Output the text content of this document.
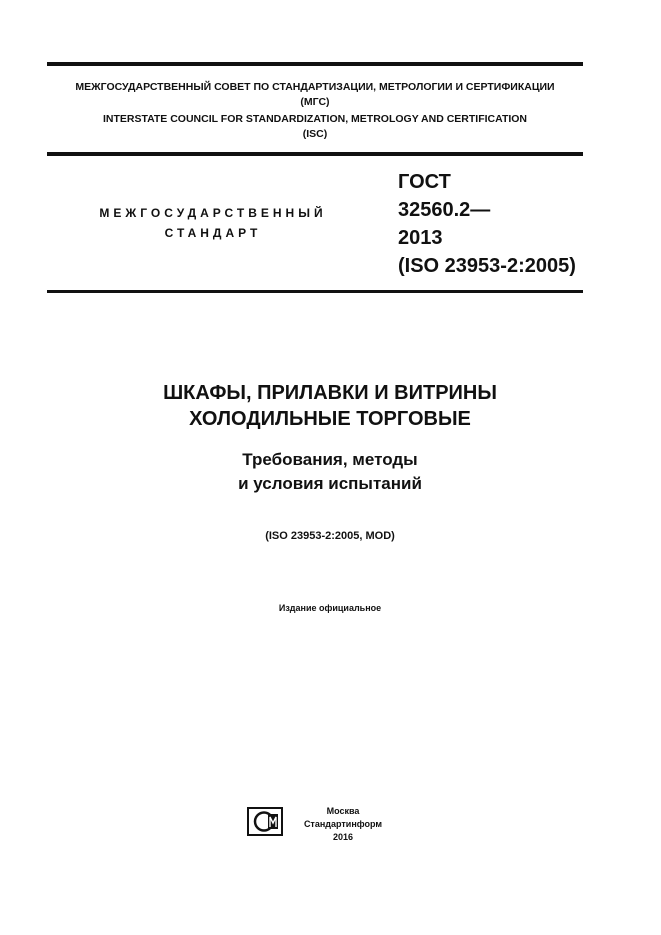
МЕЖГОСУДАРСТВЕННЫЙ СОВЕТ ПО СТАНДАРТИЗАЦИИ, МЕТРОЛОГИИ И СЕРТИФИКАЦИИ
(МГС)
INTERSTATE COUNCIL FOR STANDARDIZATION, METROLOGY AND CERTIFICATION
(ISC)
МЕЖГОСУДАРСТВЕННЫЙ
СТАНДАРТ
ГОСТ
32560.2—
2013
(ISO 23953-2:2005)
ШКАФЫ, ПРИЛАВКИ И ВИТРИНЫ
ХОЛОДИЛЬНЫЕ ТОРГОВЫЕ
Требования, методы
и условия испытаний
(ISO 23953-2:2005, MOD)
Издание официальное
Москва
Стандартинформ
2016
